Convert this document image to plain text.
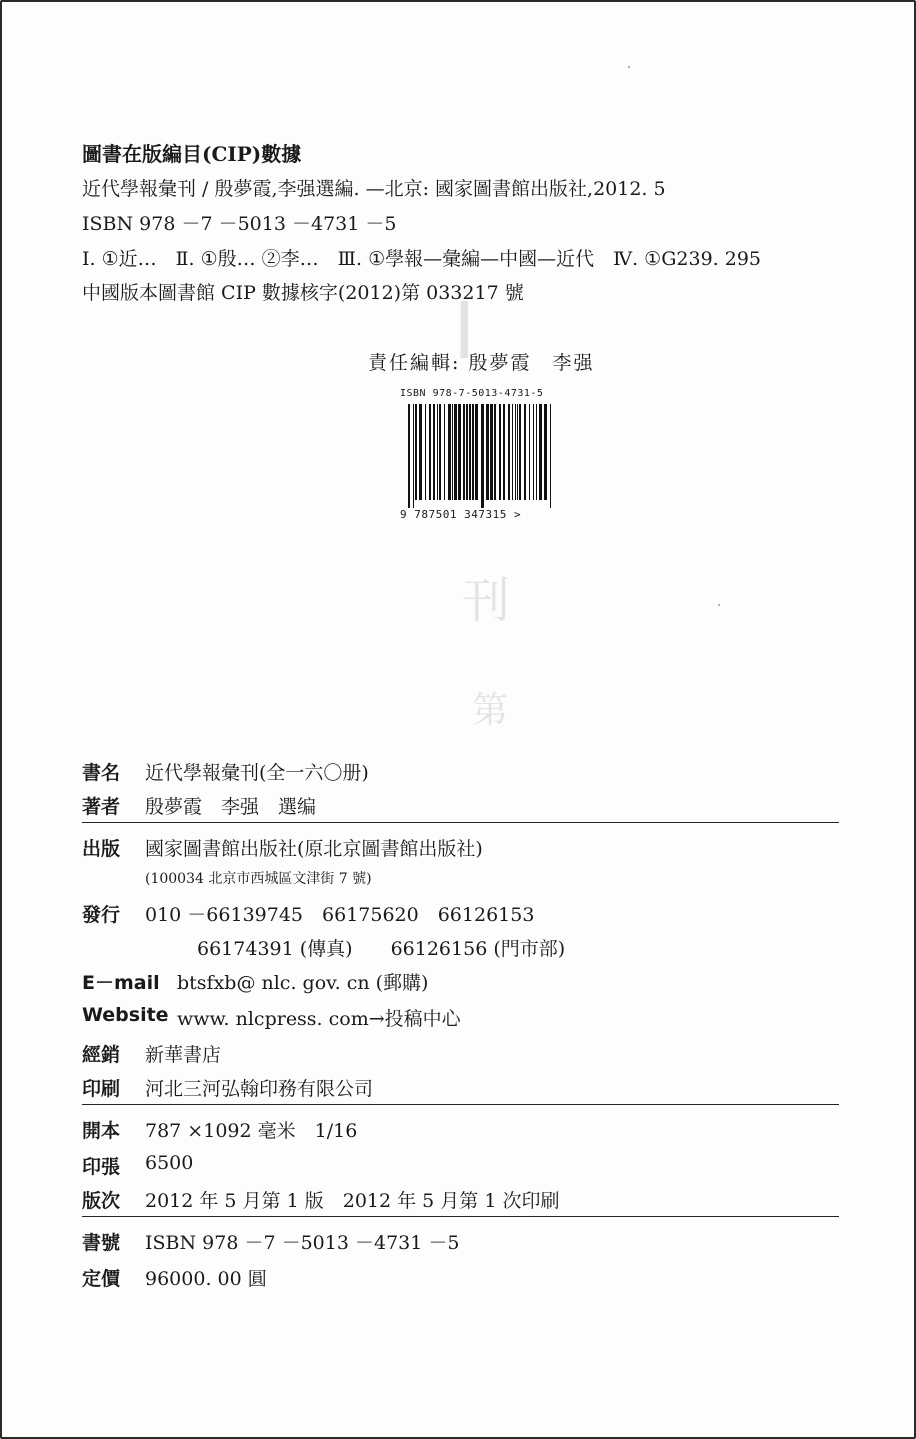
┃
刊
第
圖書在版編目(CIP)數據
近代學報彙刊 / 殷夢霞,李强選編. —北京: 國家圖書館出版社,2012. 5
ISBN 978 －7 －5013 －4731 －5
Ⅰ. ①近…　Ⅱ. ①殷… ②李…　Ⅲ. ①學報—彙編—中國—近代　Ⅳ. ①G239. 295
中國版本圖書館 CIP 數據核字(2012)第 033217 號
責任編輯: 殷夢霞　李强
ISBN 978-7-5013-4731-5
9 787501 347315 >
書名 近代學報彙刊(全一六〇册)
著者 殷夢霞　李强　選编
出版 國家圖書館出版社(原北京圖書館出版社)
(100034 北京市西城區文津街 7 號)
發行 010 －66139745　66175620　66126153
66174391 (傳真)　　66126156 (門市部)
E－mail btsfxb@ nlc. gov. cn (郵購)
Website www. nlcpress. com→投稿中心
經銷 新華書店
印刷 河北三河弘翰印務有限公司
開本 787 ×1092 毫米　1/16
印張 6500
版次 2012 年 5 月第 1 版　2012 年 5 月第 1 次印刷
書號 ISBN 978 －7 －5013 －4731 －5
定價 96000. 00 圓
